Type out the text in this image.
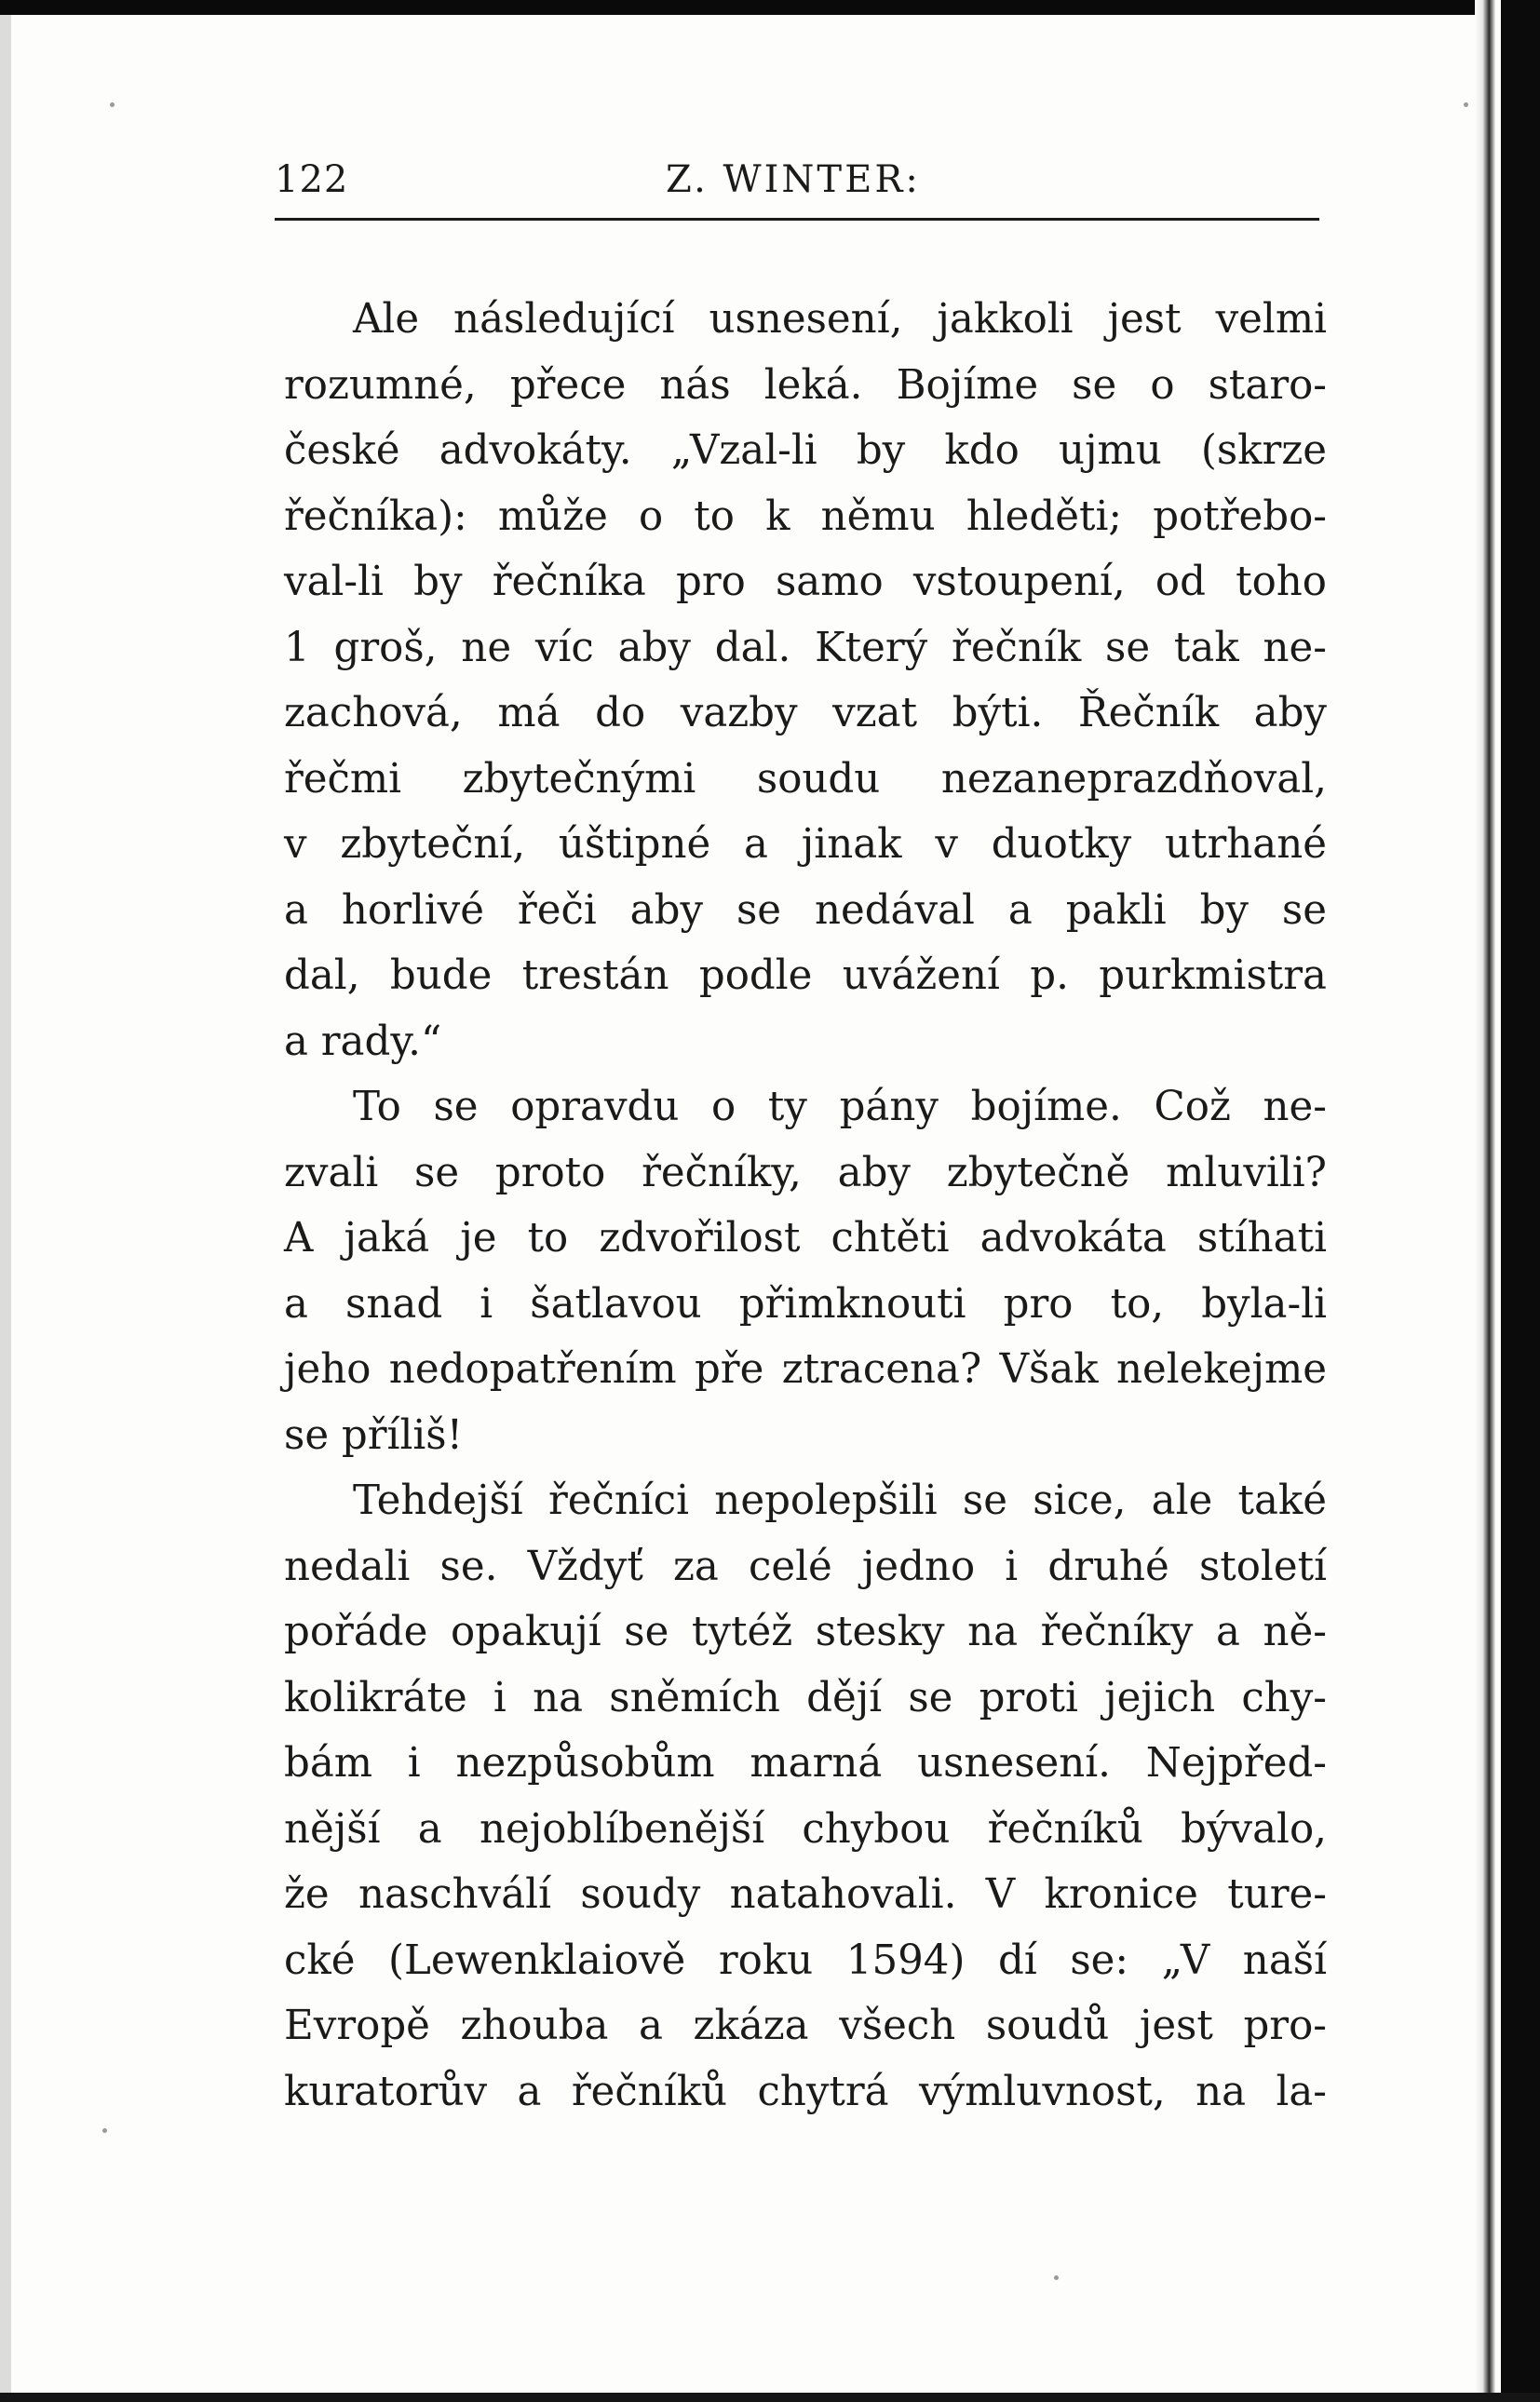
122	Z. WINTER:
Ale následující usnesení, jakkoli jest velmi
rozumné, přece nás leká. Bojíme se o staro-
české advokáty. „Vzal-li by kdo ujmu (skrze
řečníka): může o to k němu hleděti; potřebo-
val-li by řečníka pro samo vstoupení, od toho
1 groš, ne víc aby dal. Který řečník se tak ne-
zachová, má do vazby vzat býti. Řečník aby
řečmi zbytečnými soudu nezaneprazdňoval,
v zbyteční, úštipné a jinak v duotky utrhané
a horlivé řeči aby se nedával a pakli by se
dal, bude trestán podle uvážení p. purkmistra
a rady.“
To se opravdu o ty pány bojíme. Což ne-
zvali se proto řečníky, aby zbytečně mluvili?
A jaká je to zdvořilost chtěti advokáta stíhati
a snad i šatlavou přimknouti pro to, byla-li
jeho nedopatřením pře ztracena? Však nelekejme
se příliš!
Tehdejší řečníci nepolepšili se sice, ale také
nedali se. Vždyť za celé jedno i druhé století
pořáde opakují se tytéž stesky na řečníky a ně-
kolikráte i na sněmích dějí se proti jejich chy-
bám i nezpůsobům marná usnesení. Nejpřed-
nější a nejoblíbenější chybou řečníků bývalo,
že naschválí soudy natahovali. V kronice ture-
cké (Lewenklaiově roku 1594) dí se: „V naší
Evropě zhouba a zkáza všech soudů jest pro-
kuratorův a řečníků chytrá výmluvnost, na la-
